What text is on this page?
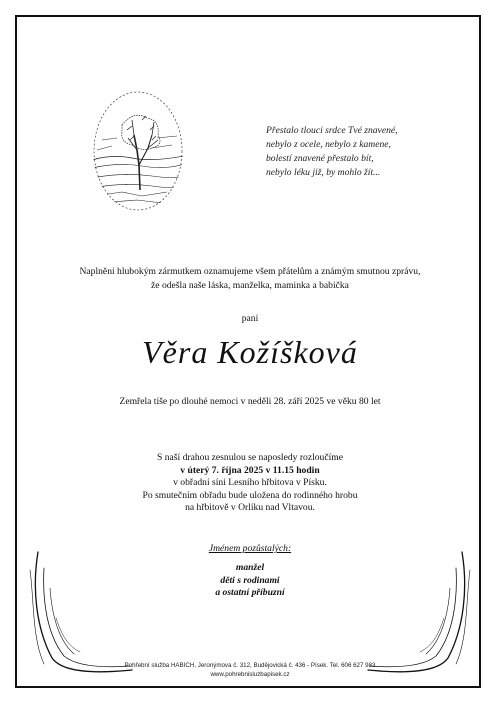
Přestalo tlouci srdce Tvé znavené,
nebylo z ocele, nebylo z kamene,
bolestí znavené přestalo bít,
nebylo léku již, by mohlo žít...
Naplněni hlubokým zármutkem oznamujeme všem přátelům a známým smutnou zprávu,
že odešla naše láska, manželka, maminka a babička
paní
Věra Kožíšková
Zemřela tiše po dlouhé nemoci v neděli 28. září 2025 ve věku 80 let
S naší drahou zesnulou se naposledy rozloučíme
v úterý 7. října 2025 v 11.15 hodin
v obřadní síni Lesního hřbitova v Písku.
Po smutečním obřadu bude uložena do rodinného hrobu
na hřbitově v Orlíku nad Vltavou.
Jménem pozůstalých:
manžel
děti s rodinami
a ostatní příbuzní
Pohřební služba HABICH, Jeronýmova č. 312, Budějovická č. 436 - Písek. Tel. 606 627 983
www.pohrebnisluzbapisek.cz
